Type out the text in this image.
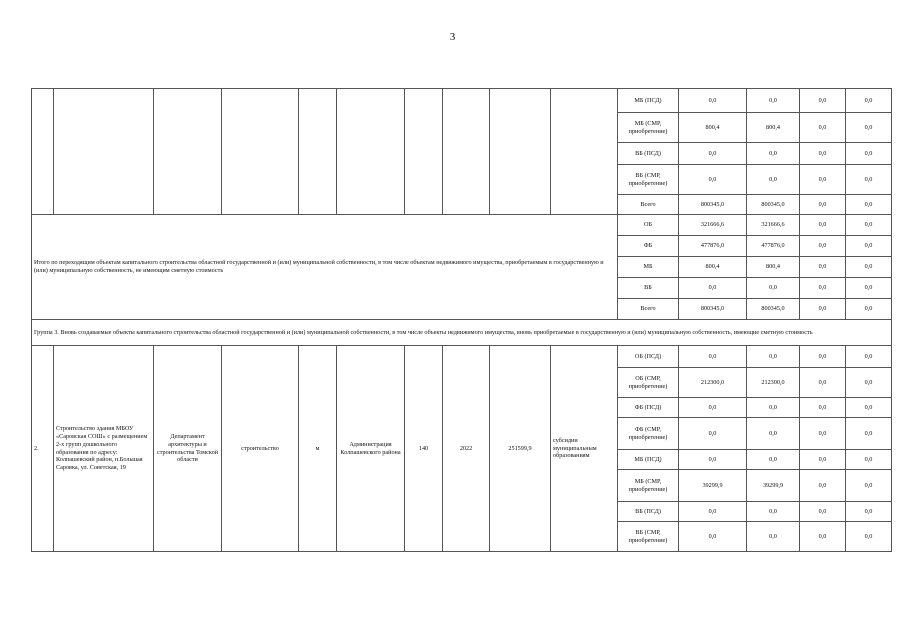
3
										МБ (ПСД)	0,0	0,0	0,0	0,0
										МБ (СМР, приобретение)	800,4	800,4	0,0	0,0
										ВБ (ПСД)	0,0	0,0	0,0	0,0
										ВБ (СМР, приобретение)	0,0	0,0	0,0	0,0
										Всего	800345,0	800345,0	0,0	0,0
Итого по переходящим объектам капитального строительства областной государственной и (или) муниципальной собственности, в том числе объектам недвижимого имущества, приобретаемым в государственную и (или) муниципальную собственность, не имеющим сметную стоимость										ОБ	321666,6	321666,6	0,0	0,0
										ФБ	477876,0	477876,0	0,0	0,0
										МБ	800,4	800,4	0,0	0,0
										ВБ	0,0	0,0	0,0	0,0
										Всего	800345,0	800345,0	0,0	0,0
Группа 3. Вновь создаваемые объекты капитального строительства областной государственной и (или) муниципальной собственности, в том числе объекты недвижимого имущества, вновь приобретаемые в государственную и (или) муниципальную собственность, имеющие сметную стоимость														
2.	Строительство здания МБОУ «Саровская СОШ» с размещением 2-х групп дошкольного образования по адресу: Колпашевский район, п.Большая Саровка, ул. Советская, 19	Департамент архитектуры и строительства Томской области	строительство	м	Администрация Колпашевского района	140	2022	251599,9	субсидии муниципальным образованиям	ОБ (ПСД)	0,0	0,0	0,0	0,0
										ОБ (СМР, приобретение)	212300,0	212300,0	0,0	0,0
										ФБ (ПСД)	0,0	0,0	0,0	0,0
										ФБ (СМР, приобретение)	0,0	0,0	0,0	0,0
										МБ (ПСД)	0,0	0,0	0,0	0,0
										МБ (СМР, приобретение)	39299,9	39299,9	0,0	0,0
										ВБ (ПСД)	0,0	0,0	0,0	0,0
										ВБ (СМР, приобретение)	0,0	0,0	0,0	0,0
